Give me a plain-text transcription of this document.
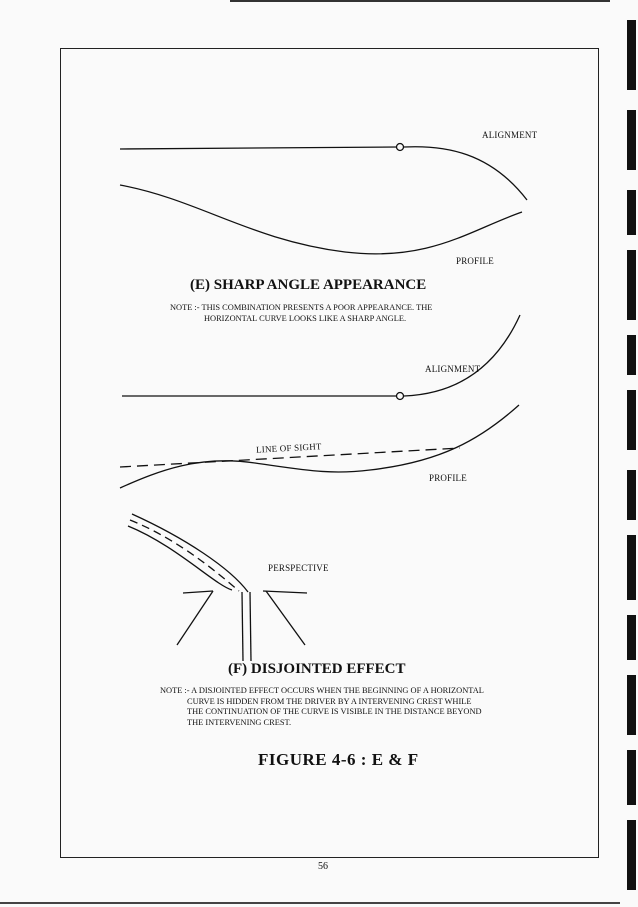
ALIGNMENT
PROFILE
(E) SHARP ANGLE APPEARANCE

NOTE :- THIS COMBINATION PRESENTS A POOR APPEARANCE. THE

HORIZONTAL CURVE LOOKS LIKE A SHARP ANGLE.

ALIGNMENT
LINE OF SIGHT
PROFILE
PERSPECTIVE
(F) DISJOINTED EFFECT

NOTE :- A DISJOINTED EFFECT OCCURS WHEN THE BEGINNING OF A HORIZONTAL

CURVE IS HIDDEN FROM THE DRIVER BY A INTERVENING CREST WHILE

THE CONTINUATION OF THE CURVE IS VISIBLE IN THE DISTANCE BEYOND

THE INTERVENING CREST.

FIGURE 4-6 : E & F
56
